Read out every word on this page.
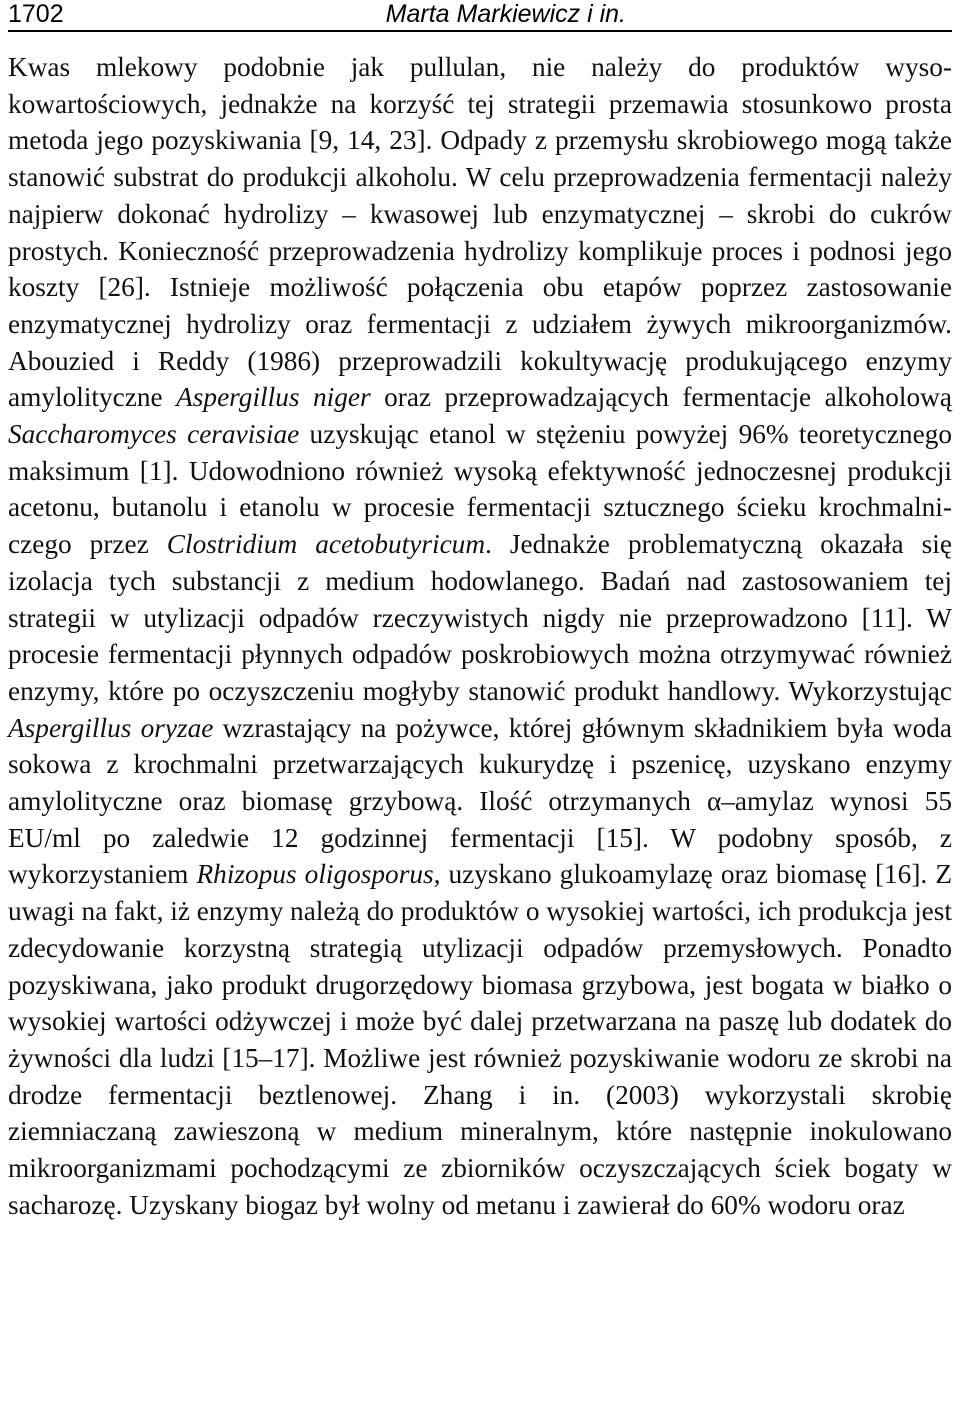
1702	Marta Markiewicz i in.

Kwas mlekowy podobnie jak pullulan, nie należy do produktów wysokowartościowych, jednakże na korzyść tej strategii przemawia stosunkowo prosta metoda jego pozyskiwania [9, 14, 23]. Odpady z przemysłu skrobiowego mogą także stanowić substrat do produkcji alkoholu. W celu przeprowadzenia fermentacji należy najpierw dokonać hydrolizy – kwasowej lub enzymatycznej – skrobi do cukrów prostych. Konieczność przeprowadzenia hydrolizy komplikuje proces i podnosi jego koszty [26]. Istnieje możliwość połączenia obu etapów poprzez zastosowanie enzymatycznej hydrolizy oraz fermentacji z udziałem żywych mikroorganizmów. Abouzied i Reddy (1986) przeprowadzili kokultywację produkującego enzymy amylolityczne Aspergillus niger oraz przeprowadzających fermentacje alkoholową Saccharomyces ceravisiae uzyskując etanol w stężeniu powyżej 96% teoretycznego maksimum [1]. Udowodniono również wysoką efektywność jednoczesnej produkcji acetonu, butanolu i etanolu w procesie fermentacji sztucznego ścieku krochmalniczego przez Clostridium acetobutyricum. Jednakże problematyczną okazała się izolacja tych substancji z medium hodowlanego. Badań nad zastosowaniem tej strategii w utylizacji odpadów rzeczywistych nigdy nie przeprowadzono [11]. W procesie fermentacji płynnych odpadów poskrobiowych można otrzymywać również enzymy, które po oczyszczeniu mogłyby stanowić produkt handlowy. Wykorzystując Aspergillus oryzae wzrastający na pożywce, której głównym składnikiem była woda sokowa z krochmalni przetwarzających kukurydzę i pszenicę, uzyskano enzymy amylolityczne oraz biomasę grzybową. Ilość otrzymanych α–amylaz wynosi 55 EU/ml po zaledwie 12 godzinnej fermentacji [15]. W podobny sposób, z wykorzystaniem Rhizopus oligosporus, uzyskano glukoamylazę oraz biomasę [16]. Z uwagi na fakt, iż enzymy należą do produktów o wysokiej wartości, ich produkcja jest zdecydowanie korzystną strategią utylizacji odpadów przemysłowych. Ponadto pozyskiwana, jako produkt drugorzędowy biomasa grzybowa, jest bogata w białko o wysokiej wartości odżywczej i może być dalej przetwarzana na paszę lub dodatek do żywności dla ludzi [15–17]. Możliwe jest również pozyskiwanie wodoru ze skrobi na drodze fermentacji beztlenowej. Zhang i in. (2003) wykorzystali skrobię ziemniaczaną zawieszoną w medium mineralnym, które następnie inokulowano mikroorganizmami pochodzącymi ze zbiorników oczyszczających ściek bogaty w sacharozę. Uzyskany biogaz był wolny od metanu i zawierał do 60% wodoru oraz
